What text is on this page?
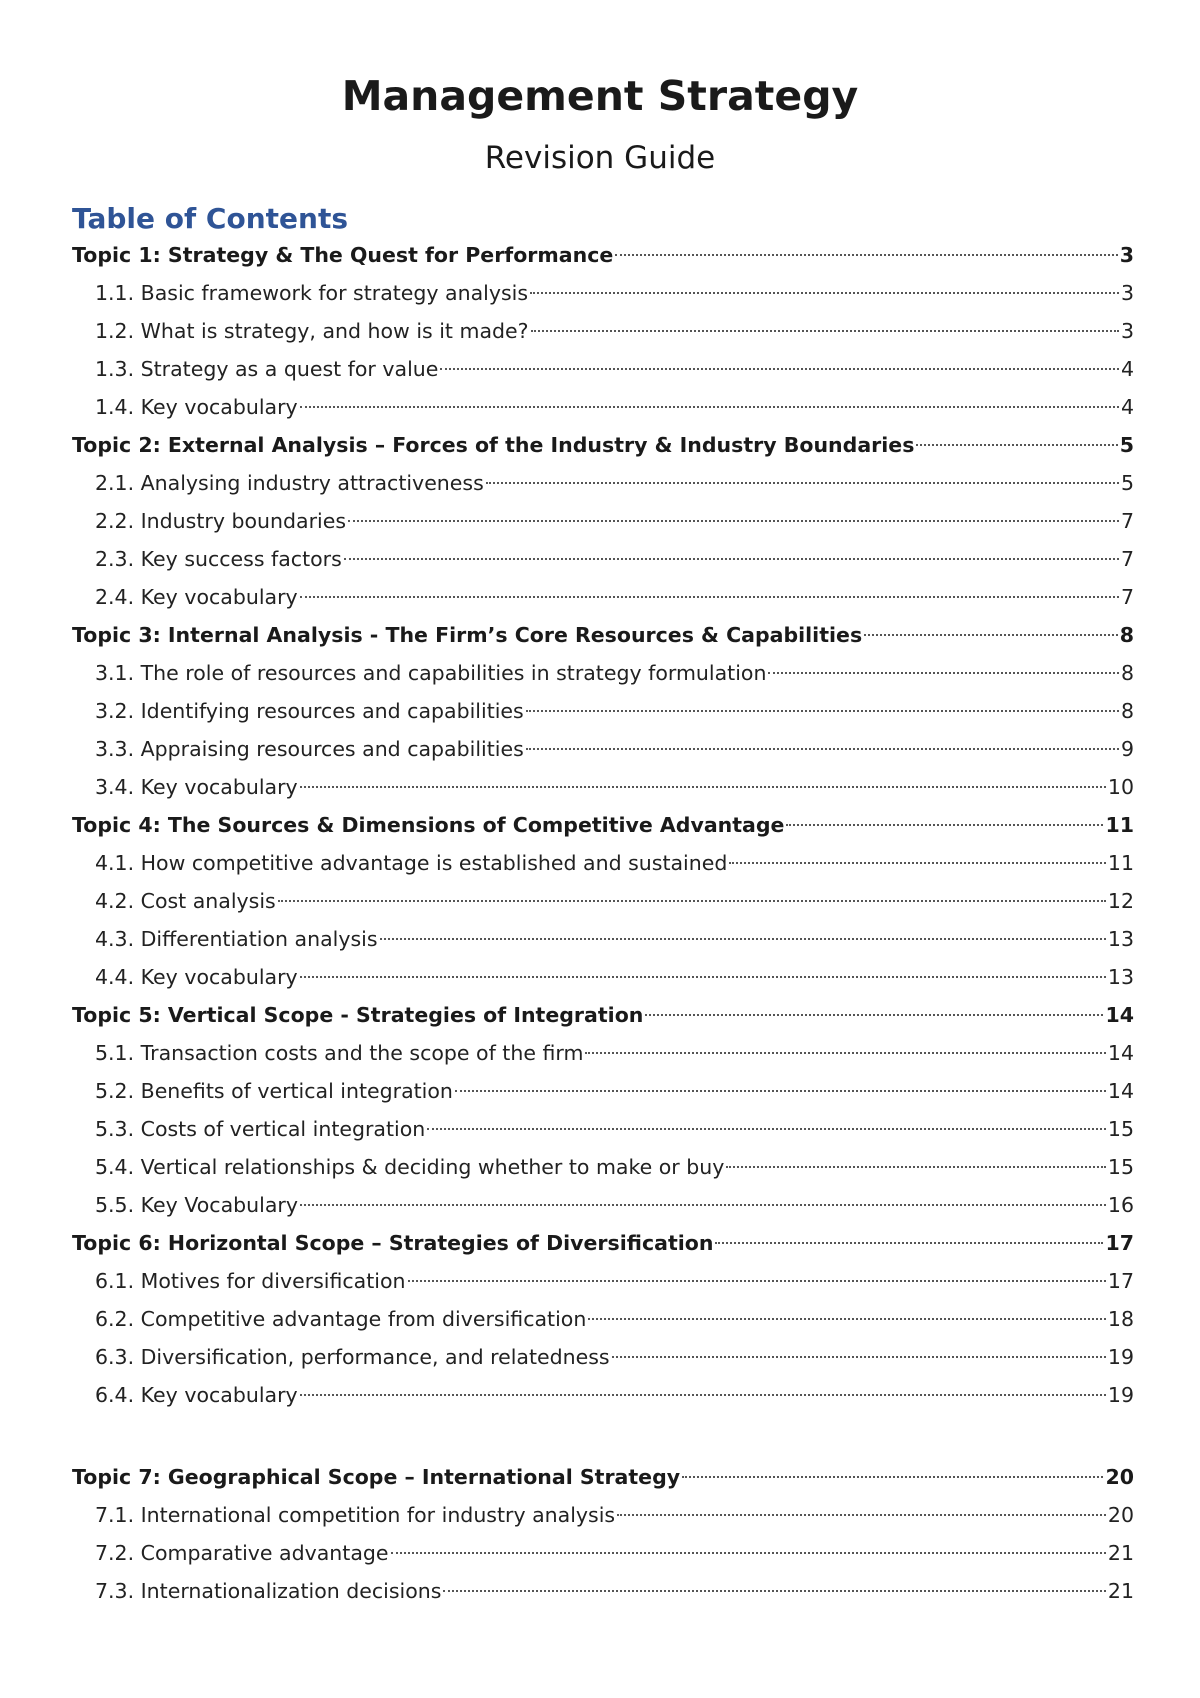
Management Strategy
Revision Guide
Table of Contents
Topic 1: Strategy & The Quest for Performance	3
1.1. Basic framework for strategy analysis	3
1.2. What is strategy, and how is it made?	3
1.3. Strategy as a quest for value	4
1.4. Key vocabulary	4
Topic 2: External Analysis – Forces of the Industry & Industry Boundaries	5
2.1. Analysing industry attractiveness	5
2.2. Industry boundaries	7
2.3. Key success factors	7
2.4. Key vocabulary	7
Topic 3: Internal Analysis - The Firm’s Core Resources & Capabilities	8
3.1. The role of resources and capabilities in strategy formulation	8
3.2. Identifying resources and capabilities	8
3.3. Appraising resources and capabilities	9
3.4. Key vocabulary	10
Topic 4: The Sources & Dimensions of Competitive Advantage	11
4.1. How competitive advantage is established and sustained	11
4.2. Cost analysis	12
4.3. Differentiation analysis	13
4.4. Key vocabulary	13
Topic 5: Vertical Scope - Strategies of Integration	14
5.1. Transaction costs and the scope of the firm	14
5.2. Benefits of vertical integration	14
5.3. Costs of vertical integration	15
5.4. Vertical relationships & deciding whether to make or buy	15
5.5. Key Vocabulary	16
Topic 6: Horizontal Scope – Strategies of Diversification	17
6.1. Motives for diversification	17
6.2. Competitive advantage from diversification	18
6.3. Diversification, performance, and relatedness	19
6.4. Key vocabulary	19
Topic 7: Geographical Scope – International Strategy	20
7.1. International competition for industry analysis	20
7.2. Comparative advantage	21
7.3. Internationalization decisions	21
